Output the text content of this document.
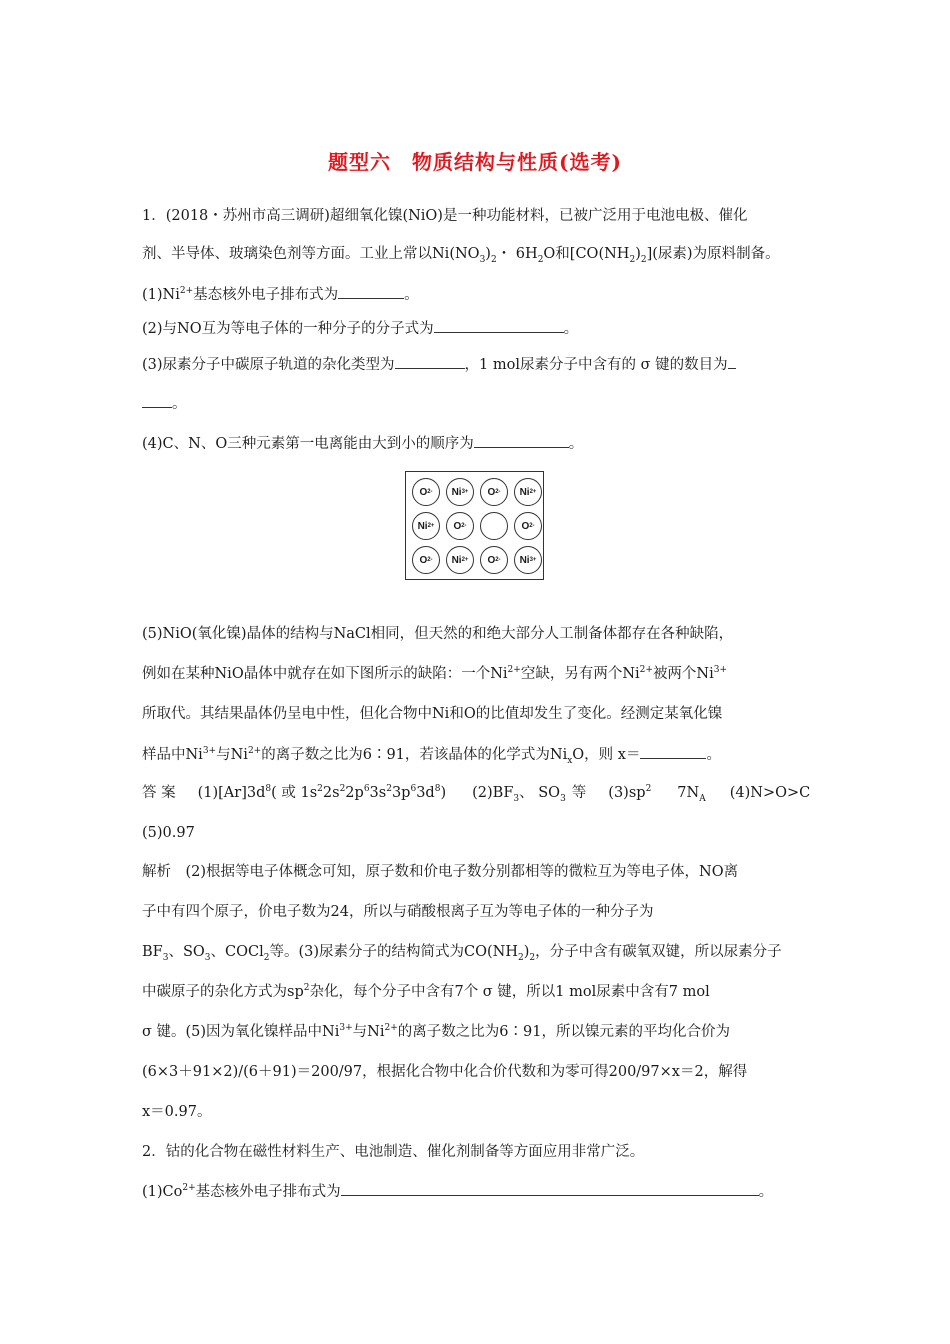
题型六　物质结构与性质(选考)
1．(2018・苏州市高三调研)超细氧化镍(NiO)是一种功能材料，已被广泛用于电池电极、催化
剂、半导体、玻璃染色剂等方面。工业上常以$Ni(NO_3)_2$・ $6H_2O$和$[CO(NH_2)_2]$(尿素)为原料制备。
$(1)Ni^{2+}$基态核外电子排布式为	。
(2)与NO互为等电子体的一种分子的分子式为	。
(3)尿素分子中碳原子轨道的杂化类型为	，1 mol尿素分子中含有的 σ 键的数目为
。
(4)C、N、O三种元素第一电离能由大到小的顺序为	。
O 2- Ni 3+ O 2- Ni 2+
Ni 2+ O 2-	O 2-
O 2- Ni 2+ O 2- Ni 3+
(5)NiO(氧化镍)晶体的结构与NaCl相同，但天然的和绝大部分人工制备体都存在各种缺陷，
例如在某种NiO晶体中就存在如下图所示的缺陷：一个$Ni^{2+}$空缺，另有两个$Ni^{2+}$被两个$Ni^{3+}$
所取代。其结果晶体仍呈电中性，但化合物中Ni和O的比值却发生了变化。经测定某氧化镍
样品中$Ni^{3+}$与$Ni^{2+}$的离子数之比为6∶91，若该晶体的化学式为$Ni_xO$，则 x＝	。
答 案 $(1)[Ar]3d^8$( 或 $1s^22s^22p^63s^23p^63d^8$) $(2)BF_3$、 $SO_3$ 等 $(3)sp^2$ $7N_A$ (4)N>O>C
(5)0.97
解析　(2)根据等电子体概念可知，原子数和价电子数分别都相等的微粒互为等电子体，NO离
子中有四个原子，价电子数为24，所以与硝酸根离子互为等电子体的一种分子为
$BF_3$、$SO_3$、COCl$_2$等。(3)尿素分子的结构简式为$CO(NH_2)_2$，分子中含有碳氧双键，所以尿素分子
中碳原子的杂化方式为$sp^2$杂化，每个分子中含有7个 σ 键，所以1 mol尿素中含有7 mol
σ 键。(5)因为氧化镍样品中$Ni^{3+}$与$Ni^{2+}$的离子数之比为6∶91，所以镍元素的平均化合价为
(6×3＋91×2)/(6＋91)＝200/97，根据化合物中化合价代数和为零可得200/97×x＝2，解得
x＝0.97。
2．钴的化合物在磁性材料生产、电池制造、催化剂制备等方面应用非常广泛。
$(1)Co^{2+}$基态核外电子排布式为	。
